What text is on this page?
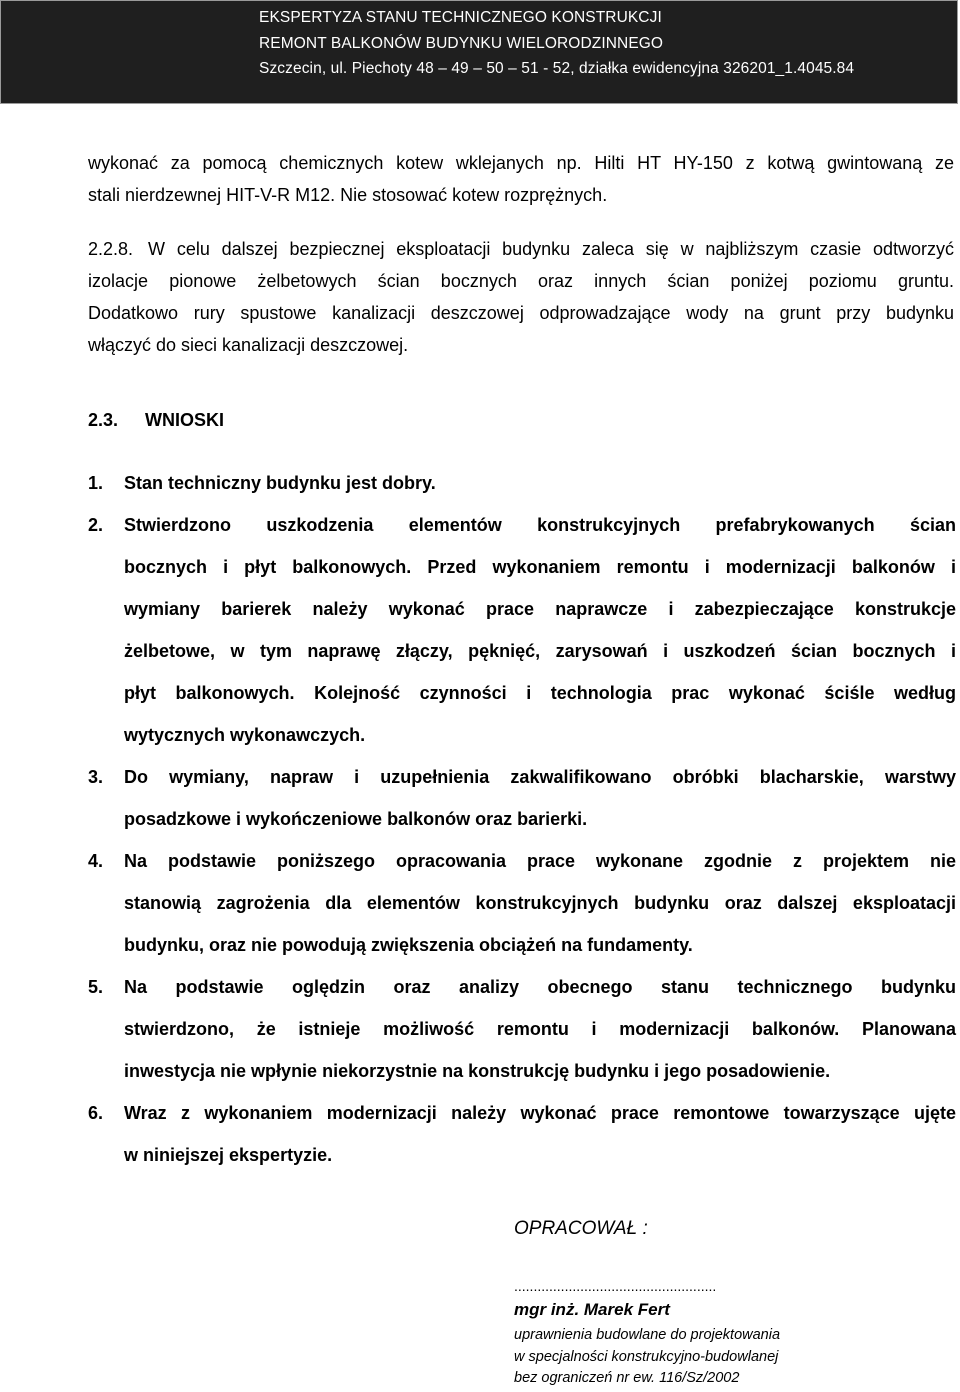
EKSPERTYZA STANU TECHNICZNEGO KONSTRUKCJI
REMONT BALKONÓW BUDYNKU WIELORODZINNEGO
Szczecin, ul. Piechoty 48 – 49 – 50 – 51 - 52, działka ewidencyjna 326201_1.4045.84
wykonać za pomocą chemicznych kotew wklejanych np. Hilti HT HY-150 z kotwą gwintowaną ze
stali nierdzewnej HIT-V-R M12. Nie stosować kotew rozprężnych.
2.2.8. W celu dalszej bezpiecznej eksploatacji budynku zaleca się w najbliższym czasie odtworzyć
izolacje pionowe żelbetowych ścian bocznych oraz innych ścian poniżej poziomu gruntu.
Dodatkowo rury spustowe kanalizacji deszczowej odprowadzające wody na grunt przy budynku
włączyć do sieci kanalizacji deszczowej.
2.3. WNIOSKI
1. Stan techniczny budynku jest dobry.
2. Stwierdzono uszkodzenia elementów konstrukcyjnych prefabrykowanych ścian
bocznych i płyt balkonowych. Przed wykonaniem remontu i modernizacji balkonów i
wymiany barierek należy wykonać prace naprawcze i zabezpieczające konstrukcje
żelbetowe, w tym naprawę złączy, pęknięć, zarysowań i uszkodzeń ścian bocznych i
płyt balkonowych. Kolejność czynności i technologia prac wykonać ściśle według
wytycznych wykonawczych.
3. Do wymiany, napraw i uzupełnienia zakwalifikowano obróbki blacharskie, warstwy
posadzkowe i wykończeniowe balkonów oraz barierki.
4. Na podstawie poniższego opracowania prace wykonane zgodnie z projektem nie
stanowią zagrożenia dla elementów konstrukcyjnych budynku oraz dalszej eksploatacji
budynku, oraz nie powodują zwiększenia obciążeń na fundamenty.
5. Na podstawie oględzin oraz analizy obecnego stanu technicznego budynku
stwierdzono, że istnieje możliwość remontu i modernizacji balkonów. Planowana
inwestycja nie wpłynie niekorzystnie na konstrukcję budynku i jego posadowienie.
6. Wraz z wykonaniem modernizacji należy wykonać prace remontowe towarzyszące ujęte
w niniejszej ekspertyzie.
OPRACOWAŁ :
....................................................
mgr inż. Marek Fert
uprawnienia budowlane do projektowania
w specjalności konstrukcyjno-budowlanej
bez ograniczeń nr ew. 116/Sz/2002
